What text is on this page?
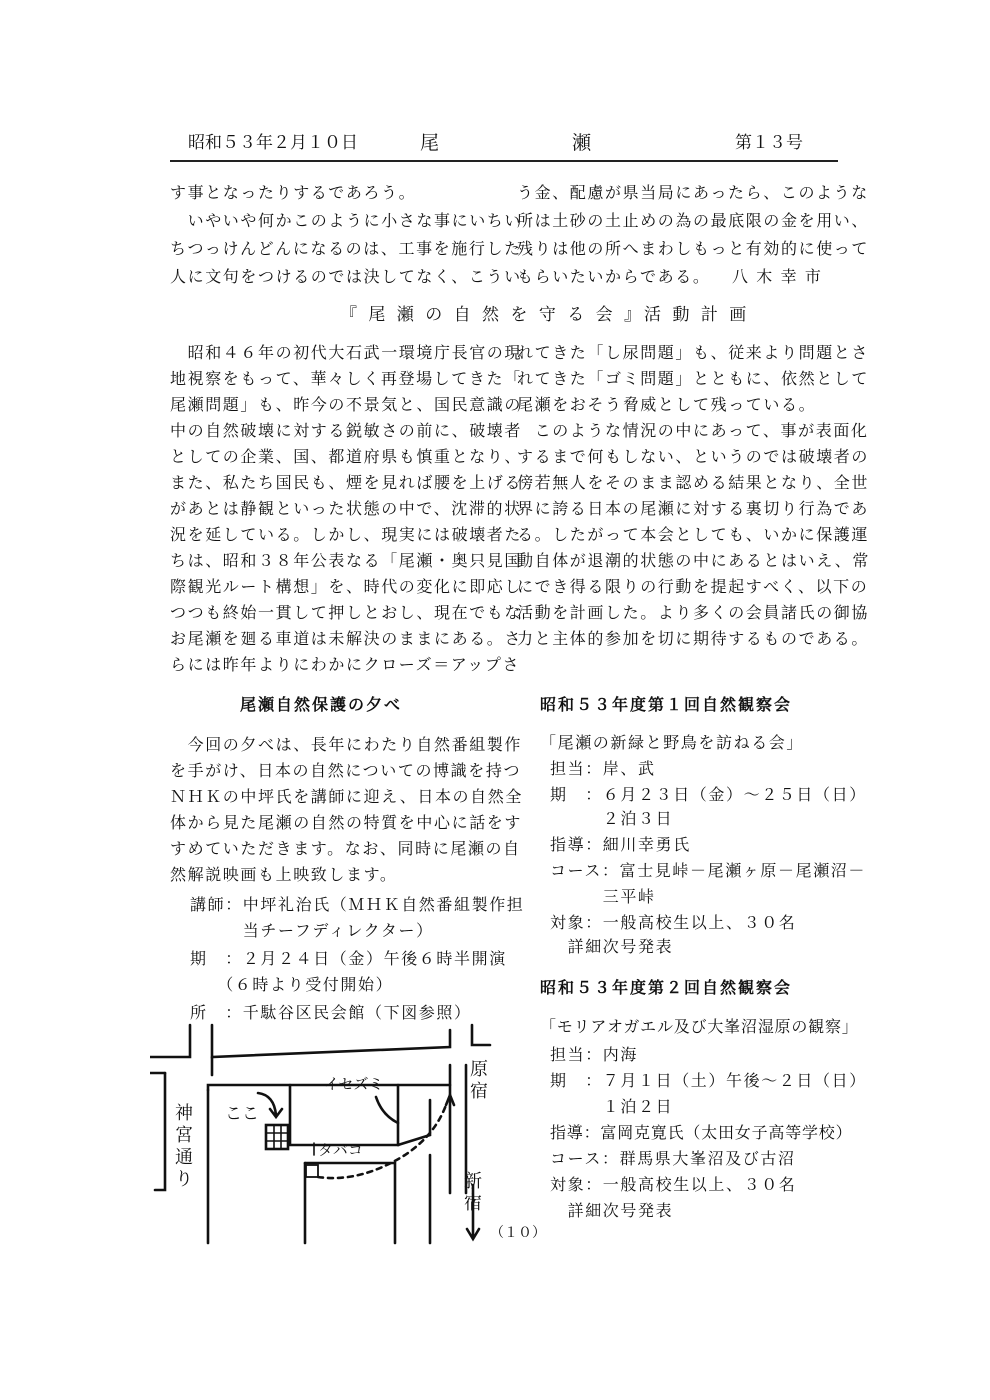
昭和５３年２月１０日	尾	瀬	第１３号
す事となったりするであろう。
　いやいや何かこのように小さな事にいちい
ちつっけんどんになるのは、工事を施行した
人に文句をつけるのでは決してなく、こうい
う金、配慮が県当局にあったら、このような
所は土砂の土止めの為の最底限の金を用い、
残りは他の所へまわしもっと有効的に使って
もらいたいからである。 八 木 幸 市
『 尾 瀬 の 自 然 を 守 る 会 』活 動 計 画
　昭和４６年の初代大石武一環境庁長官の現
地視察をもって、華々しく再登場してきた「
尾瀬問題」も、昨今の不景気と、国民意識の
中の自然破壊に対する鋭敏さの前に、破壊者
としての企業、国、都道府県も慎重となり、
また、私たち国民も、煙を見れば腰を上げる
があとは静観といった状態の中で、沈滞的状
況を延している。しかし、現実には破壊者た
ちは、昭和３８年公表なる「尾瀬・奥只見国
際観光ルート構想」を、時代の変化に即応し
つつも終始一貫して押しとおし、現在でもな
お尾瀬を廻る車道は未解決のままにある。さ
らには昨年よりにわかにクローズ＝アップさ
れてきた「し尿問題」も、従来より問題とさ
れてきた「ゴミ問題」とともに、依然として
尾瀬をおそう脅威として残っている。
　このような情況の中にあって、事が表面化
するまで何もしない、というのでは破壊者の
傍若無人をそのまま認める結果となり、全世
界に誇る日本の尾瀬に対する裏切り行為であ
る。したがって本会としても、いかに保護運
動自体が退潮的状態の中にあるとはいえ、常
にでき得る限りの行動を提起すべく、以下の
活動を計画した。より多くの会員諸氏の御協
力と主体的参加を切に期待するものである。
尾瀬自然保護の夕べ
　今回の夕べは、長年にわたり自然番組製作
を手がけ、日本の自然についての博識を持つ
ＮＨＫの中坪氏を講師に迎え、日本の自然全
体から見た尾瀬の自然の特質を中心に話をす
すめていただきます。なお、同時に尾瀬の自
然解説映画も上映致します。
講師：中坪礼治氏（ＭＨＫ自然番組製作担
　　　当チーフディレクター）
期　：２月２４日（金）午後６時半開演
　　（６時より受付開始）
所　：千駄谷区民会館（下図参照）
ここ
イセズミ
タバコ
神
宮
通
り
原
宿
新
宿
（１０）
昭和５３年度第１回自然観察会
「尾瀬の新緑と野鳥を訪ねる会」
担当：岸、武
期　：６月２３日（金）～２５日（日）
　　　２泊３日
指導：細川幸勇氏
コース：富士見峠－尾瀬ヶ原－尾瀬沼－
　　　三平峠
対象：一般高校生以上、３０名
　詳細次号発表
昭和５３年度第２回自然観察会
「モリアオガエル及び大峯沼湿原の観察」
担当：内海
期　：７月１日（土）午後～２日（日）
　　　１泊２日
指導：富岡克寛氏（太田女子高等学校）
コース：群馬県大峯沼及び古沼
対象：一般高校生以上、３０名
　詳細次号発表
